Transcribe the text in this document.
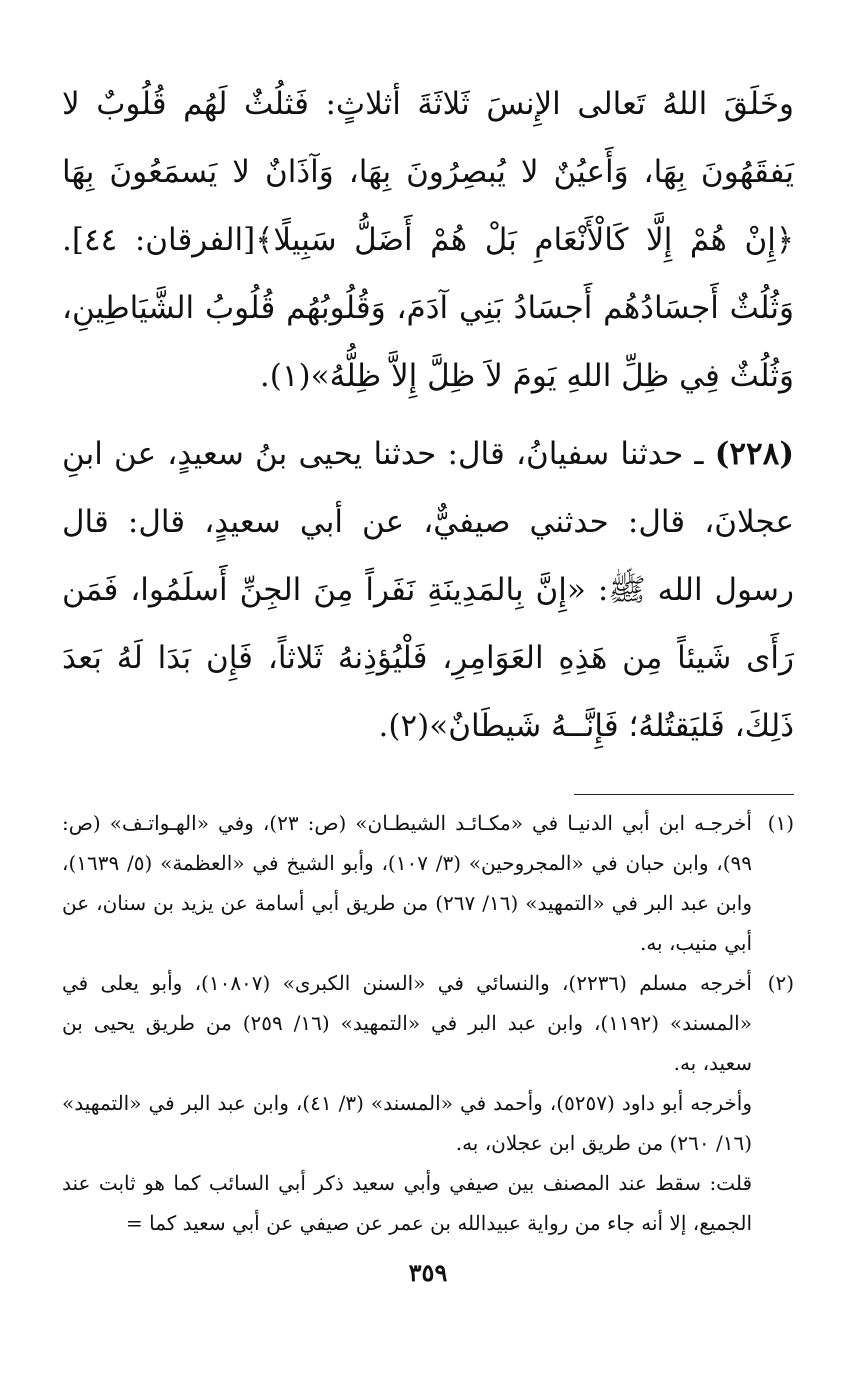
وخَلَقَ اللهُ تَعالى الإِنسَ ثَلاثَةَ أثلاثٍ: فَثلُثٌ لَهُم قُلُوبٌ لا يَفقَهُونَ بِهَا، وَأَعيُنٌ لا يُبصِرُونَ بِهَا، وَآذَانٌ لا يَسمَعُونَ بِهَا ﴿إِنْ هُمْ إِلَّا كَالْأَنْعَامِ بَلْ هُمْ أَضَلُّ سَبِيلًا﴾[الفرقان: ٤٤]. وَثُلُثٌ أَجسَادُهُم أَجسَادُ بَنِي آدَمَ، وَقُلُوبُهُم قُلُوبُ الشَّيَاطِينِ، وَثُلُثٌ فِي ظِلِّ اللهِ يَومَ لاَ ظِلَّ إِلاَّ ظِلُّهُ»(١).

(٢٢٨) ـ حدثنا سفيانُ، قال: حدثنا يحيى بنُ سعيدٍ، عن ابنِ عجلانَ، قال: حدثني صيفيٌّ، عن أبي سعيدٍ، قال: قال رسول الله ﷺ: «إِنَّ بِالمَدِينَةِ نَفَراً مِنَ الجِنِّ أَسلَمُوا، فَمَن رَأَى شَيئاً مِن هَذِهِ العَوَامِرِ، فَلْيُؤذِنهُ ثَلاثاً، فَإِن بَدَا لَهُ بَعدَ ذَلِكَ، فَليَقتُلهُ؛ فَإِنَّــهُ شَيطَانٌ»(٢).

(١)
أخرجـه ابن أبي الدنيـا في «مكـائـد الشيطـان» (ص: ٢٣)، وفي «الهـواتـف» (ص: ٩٩)، وابن حبان في «المجروحين» (٣/ ١٠٧)، وأبو الشيخ في «العظمة» (٥/ ١٦٣٩)، وابن عبد البر في «التمهيد» (١٦/ ٢٦٧) من طريق أبي أسامة عن يزيد بن سنان، عن أبي منيب، به.
(٢)
أخرجه مسلم (٢٢٣٦)، والنسائي في «السنن الكبرى» (١٠٨٠٧)، وأبو يعلى في «المسند» (١١٩٢)، وابن عبد البر في «التمهيد» (١٦/ ٢٥٩) من طريق يحيى بن سعيد، به.
وأخرجه أبو داود (٥٢٥٧)، وأحمد في «المسند» (٣/ ٤١)، وابن عبد البر في «التمهيد» (١٦/ ٢٦٠) من طريق ابن عجلان، به.
قلت: سقط عند المصنف بين صيفي وأبي سعيد ذكر أبي السائب كما هو ثابت عند الجميع، إلا أنه جاء من رواية عبيدالله بن عمر عن صيفي عن أبي سعيد كما =
٣٥٩
